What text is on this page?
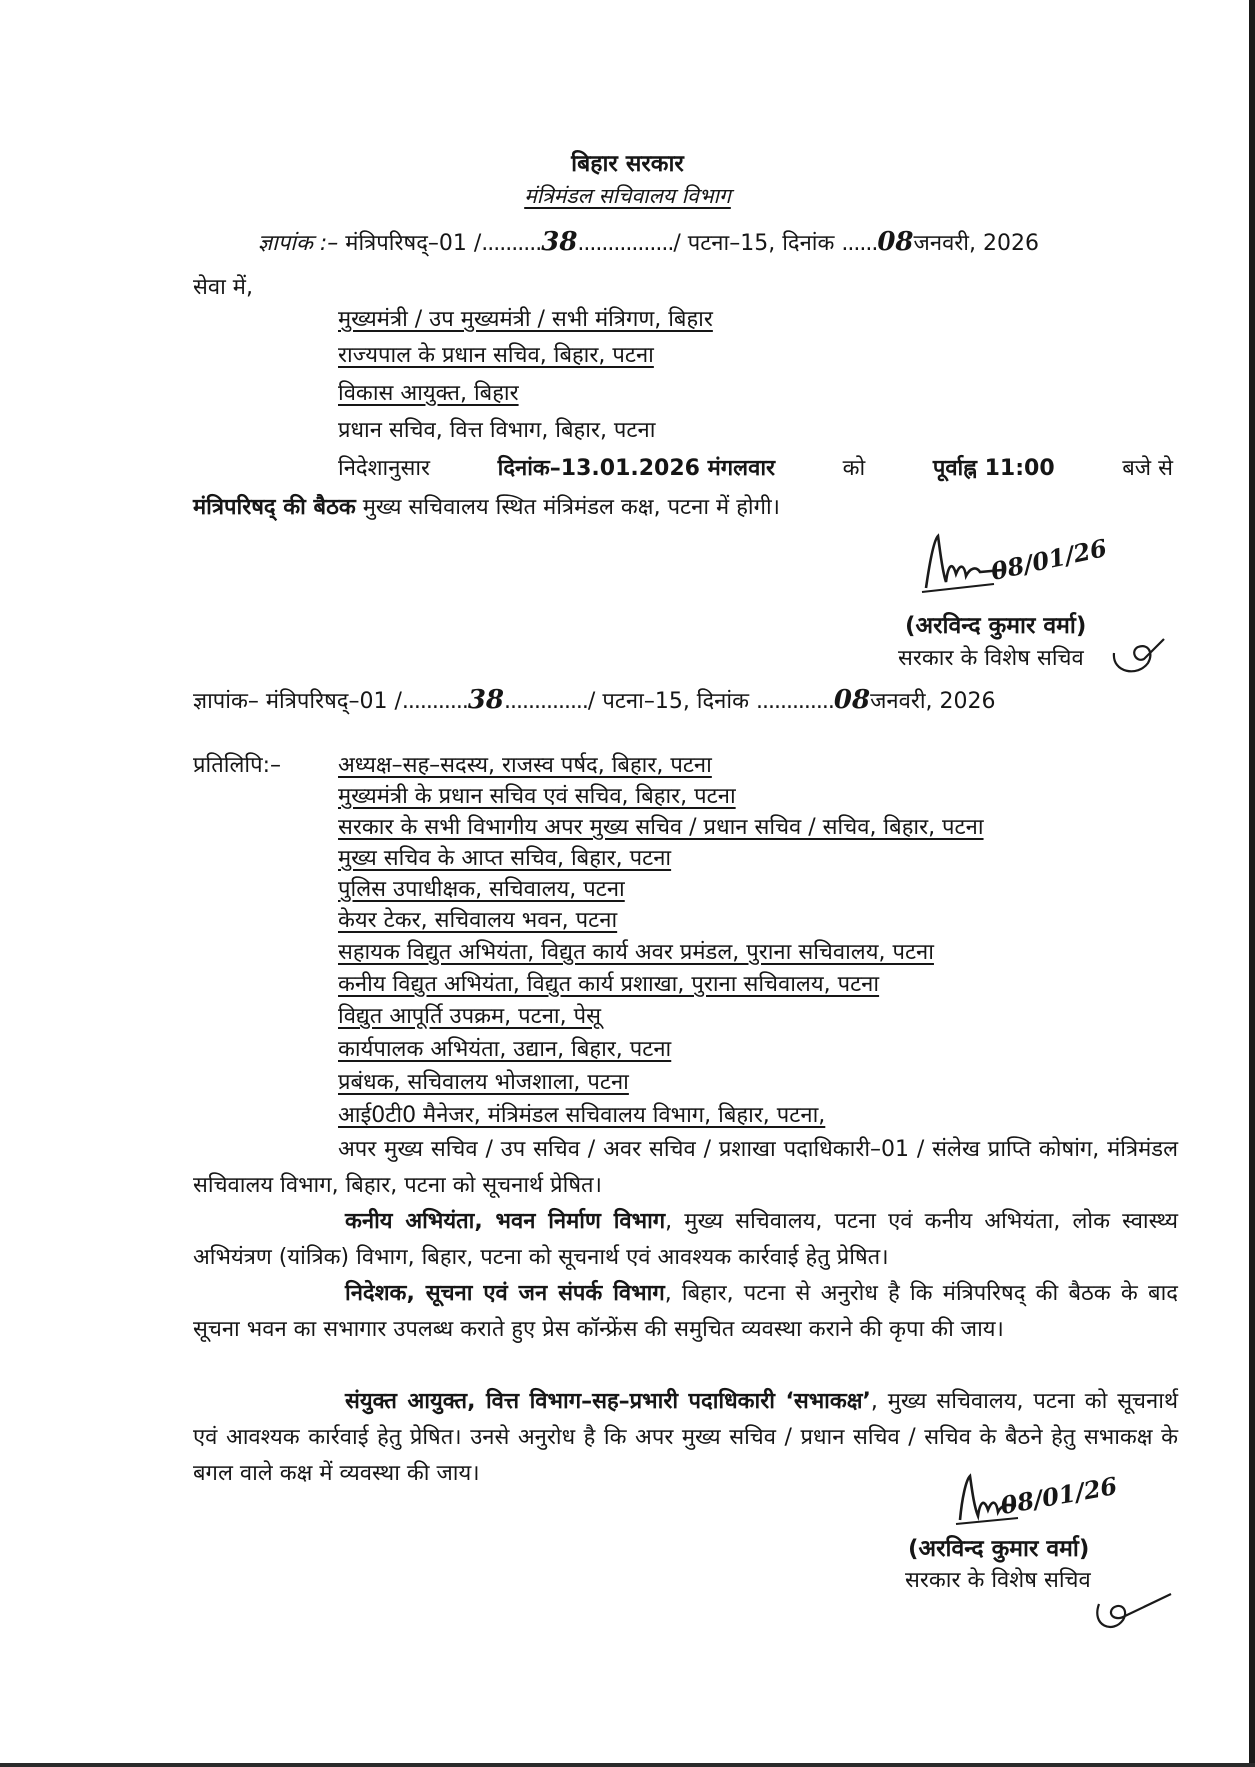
बिहार सरकार
मंत्रिमंडल सचिवालय विभाग
ज्ञापांक :– मंत्रिपरिषद्–01 /..........38................/ पटना–15, दिनांक ......08जनवरी, 2026
सेवा में,
मुख्यमंत्री / उप मुख्यमंत्री / सभी मंत्रिगण, बिहार
राज्यपाल के प्रधान सचिव, बिहार, पटना
विकास आयुक्त, बिहार
प्रधान सचिव, वित्त विभाग, बिहार, पटना
निदेशानुसार	दिनांक–13.01.2026 मंगलवार	को	पूर्वाह्न 11:00	बजे से
मंत्रिपरिषद् की बैठक मुख्य सचिवालय स्थित मंत्रिमंडल कक्ष, पटना में होगी।
08/01/26
(अरविन्द कुमार वर्मा)
सरकार के विशेष सचिव
ज्ञापांक– मंत्रिपरिषद्–01 /...........38............../ पटना–15, दिनांक .............08जनवरी, 2026
प्रतिलिपि:–	अध्यक्ष–सह–सदस्य, राजस्व पर्षद, बिहार, पटना
मुख्यमंत्री के प्रधान सचिव एवं सचिव, बिहार, पटना
सरकार के सभी विभागीय अपर मुख्य सचिव / प्रधान सचिव / सचिव, बिहार, पटना
मुख्य सचिव के आप्त सचिव, बिहार, पटना
पुलिस उपाधीक्षक, सचिवालय, पटना
केयर टेकर, सचिवालय भवन, पटना
सहायक विद्युत अभियंता, विद्युत कार्य अवर प्रमंडल, पुराना सचिवालय, पटना
कनीय विद्युत अभियंता, विद्युत कार्य प्रशाखा, पुराना सचिवालय, पटना
विद्युत आपूर्ति उपक्रम, पटना, पेसू
कार्यपालक अभियंता, उद्यान, बिहार, पटना
प्रबंधक, सचिवालय भोजशाला, पटना
आई0टी0 मैनेजर, मंत्रिमंडल सचिवालय विभाग, बिहार, पटना,
अपर मुख्य सचिव / उप सचिव / अवर सचिव / प्रशाखा पदाधिकारी–01 / संलेख प्राप्ति कोषांग, मंत्रिमंडल सचिवालय विभाग, बिहार, पटना को सूचनार्थ प्रेषित।
कनीय अभियंता, भवन निर्माण विभाग, मुख्य सचिवालय, पटना एवं कनीय अभियंता, लोक स्वास्थ्य अभियंत्रण (यांत्रिक) विभाग, बिहार, पटना को सूचनार्थ एवं आवश्यक कार्रवाई हेतु प्रेषित।
निदेशक, सूचना एवं जन संपर्क विभाग, बिहार, पटना से अनुरोध है कि मंत्रिपरिषद् की बैठक के बाद सूचना भवन का सभागार उपलब्ध कराते हुए प्रेस कॉन्फ्रेंस की समुचित व्यवस्था कराने की कृपा की जाय।
संयुक्त आयुक्त, वित्त विभाग–सह–प्रभारी पदाधिकारी ‘सभाकक्ष’, मुख्य सचिवालय, पटना को सूचनार्थ एवं आवश्यक कार्रवाई हेतु प्रेषित। उनसे अनुरोध है कि अपर मुख्य सचिव / प्रधान सचिव / सचिव के बैठने हेतु सभाकक्ष के बगल वाले कक्ष में व्यवस्था की जाय।	08/01/26
(अरविन्द कुमार वर्मा)
सरकार के विशेष सचिव
